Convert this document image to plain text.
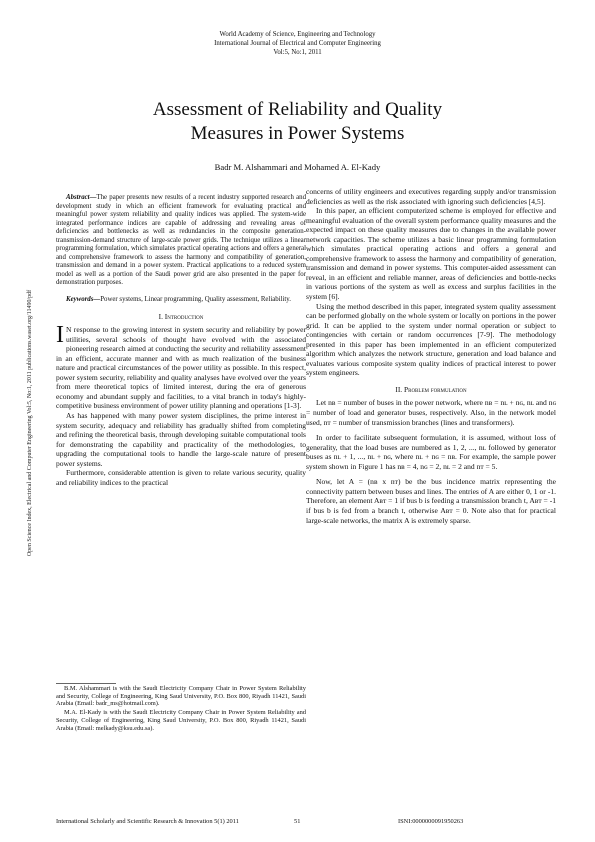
World Academy of Science, Engineering and Technology
International Journal of Electrical and Computer Engineering
Vol:5, No:1, 2011
Open Science Index, Electrical and Computer Engineering Vol:5, No:1, 2011 publications.waset.org/11490/pdf
Assessment of Reliability and Quality
Measures in Power Systems
Badr M. Alshammari and Mohamed A. El-Kady

Abstract—The paper presents new results of a recent industry supported research and development study in which an efficient framework for evaluating practical and meaningful power system reliability and quality indices was applied. The system-wide integrated performance indices are capable of addressing and revealing areas of deficiencies and bottlenecks as well as redundancies in the composite generation-transmission-demand structure of large-scale power grids. The technique utilizes a linear programming formulation, which simulates practical operating actions and offers a general and comprehensive framework to assess the harmony and compatibility of generation, transmission and demand in a power system. Practical applications to a reduced system model as well as a portion of the Saudi power grid are also presented in the paper for demonstration purposes.

Keywords—Power systems, Linear programming, Quality assessment, Reliability.

I. Introduction

I N response to the growing interest in system security and reliability by power utilities, several schools of thought have evolved with the associated pioneering research aimed at conducting the security and reliability assessment in an efficient, accurate manner and with as much realization of the business nature and practical circumstances of the power utility as possible. In this respect, power system security, reliability and quality analyses have evolved over the years from mere theoretical topics of limited interest, during the era of generous economy and abundant supply and facilities, to a vital branch in today's highly-competitive business environment of power utility planning and operations [1-3].

As has happened with many power system disciplines, the prime interest in system security, adequacy and reliability has gradually shifted from completing and refining the theoretical basis, through developing suitable computational tools for demonstrating the capability and practicality of the methodologies, to upgrading the computational tools to handle the large-scale nature of present power systems.

Furthermore, considerable attention is given to relate various security, quality and reliability indices to the practical

B.M. Alshammari is with the Saudi Electricity Company Chair in Power System Reliability and Security, College of Engineering, King Saud University, P.O. Box 800, Riyadh 11421, Saudi Arabia (Email: badr_ms@hotmail.com).

M.A. El-Kady is with the Saudi Electricity Company Chair in Power System Reliability and Security, College of Engineering, King Saud University, P.O. Box 800, Riyadh 11421, Saudi Arabia (Email: melkady@ksu.edu.sa).

concerns of utility engineers and executives regarding supply and/or transmission deficiencies as well as the risk associated with ignoring such deficiencies [4,5].

In this paper, an efficient computerized scheme is employed for effective and meaningful evaluation of the overall system performance quality measures and the expected impact on these quality measures due to changes in the available power network capacities. The scheme utilizes a basic linear programming formulation which simulates practical operating actions and offers a general and comprehensive framework to assess the harmony and compatibility of generation, transmission and demand in power systems. This computer-aided assessment can reveal, in an efficient and reliable manner, areas of deficiencies and bottle-necks in various portions of the system as well as excess and surplus facilities in the system [6].

Using the method described in this paper, integrated system quality assessment can be performed globally on the whole system or locally on portions in the power grid. It can be applied to the system under normal operation or subject to contingencies with certain or random occurrences [7-9]. The methodology presented in this paper has been implemented in an efficient computerized algorithm which analyzes the network structure, generation and load balance and evaluates various composite system quality indices of practical interest to power system engineers.

II. Problem formulation

Let nʙ = number of buses in the power network, where nʙ = nʟ + nɢ, nʟ and nɢ = number of load and generator buses, respectively. Also, in the network model used, nᴛ = number of transmission branches (lines and transformers).

In order to facilitate subsequent formulation, it is assumed, without loss of generality, that the load buses are numbered as 1, 2, ..., nʟ followed by generator buses as nʟ + 1, ..., nʟ + nɢ, where nʟ + nɢ = nʙ. For example, the sample power system shown in Figure 1 has nʙ = 4, nɢ = 2, nʟ = 2 and nᴛ = 5.

Now, let A = (nʙ x nᴛ) be the bus incidence matrix representing the connectivity pattern between buses and lines. The entries of A are either 0, 1 or -1. Therefore, an element Aʙᴛ = 1 if bus b is feeding a transmission branch t, Aʙᴛ = -1 if bus b is fed from a branch t, otherwise Aʙᴛ = 0. Note also that for practical large-scale networks, the matrix A is extremely sparse.

International Scholarly and Scientific Research & Innovation 5(1) 2011	51	ISNI:0000000091950263
